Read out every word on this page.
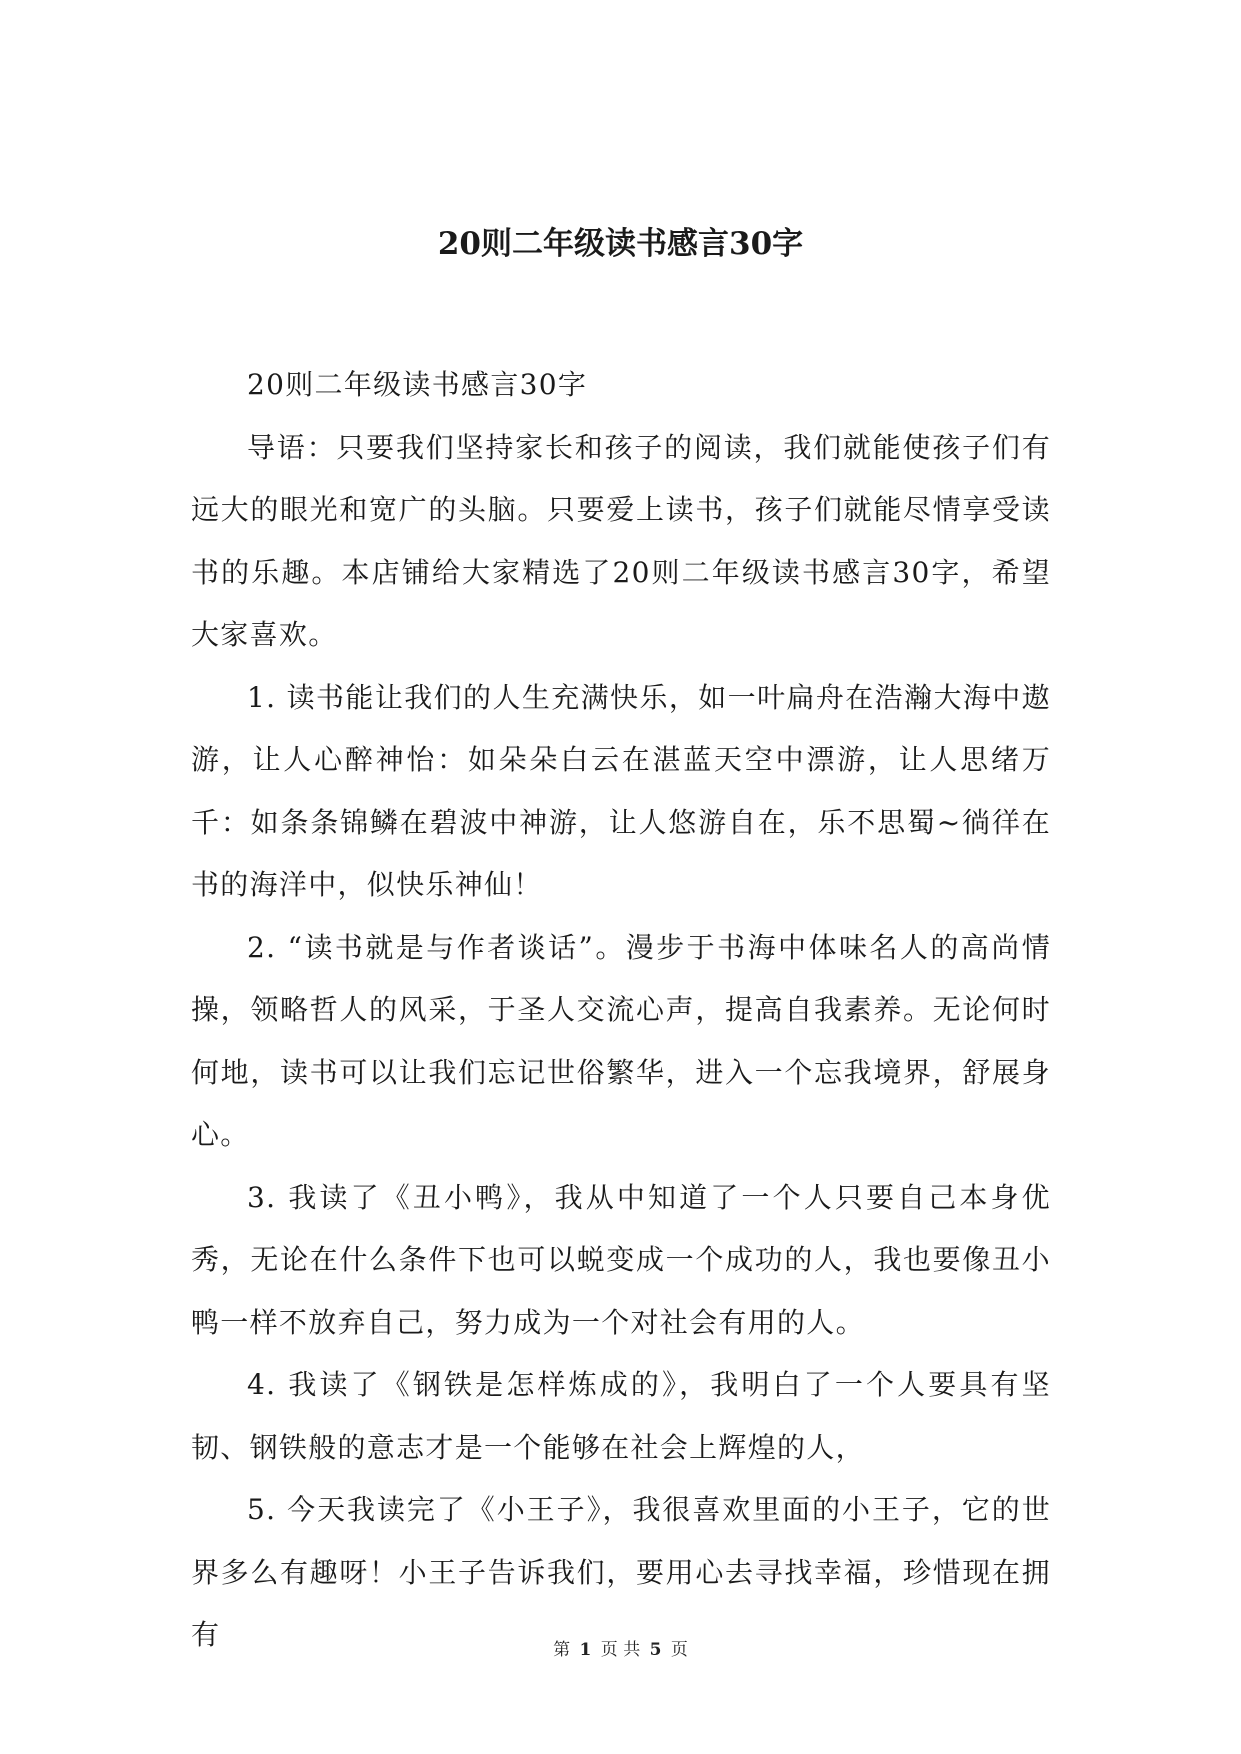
20则二年级读书感言30字

20则二年级读书感言30字

导语：只要我们坚持家长和孩子的阅读，我们就能使孩子们有远大的眼光和宽广的头脑。只要爱上读书，孩子们就能尽情享受读书的乐趣。本店铺给大家精选了20则二年级读书感言30字，希望大家喜欢。

1. 读书能让我们的人生充满快乐，如一叶扁舟在浩瀚大海中遨游，让人心醉神怡：如朵朵白云在湛蓝天空中漂游，让人思绪万千：如条条锦鳞在碧波中神游，让人悠游自在，乐不思蜀~徜徉在书的海洋中，似快乐神仙！

2. “读书就是与作者谈话”。漫步于书海中体味名人的高尚情操，领略哲人的风采，于圣人交流心声，提高自我素养。无论何时何地，读书可以让我们忘记世俗繁华，进入一个忘我境界，舒展身心。

3. 我读了《丑小鸭》，我从中知道了一个人只要自己本身优秀，无论在什么条件下也可以蜕变成一个成功的人，我也要像丑小鸭一样不放弃自己，努力成为一个对社会有用的人。

4. 我读了《钢铁是怎样炼成的》，我明白了一个人要具有坚韧、钢铁般的意志才是一个能够在社会上辉煌的人，

5. 今天我读完了《小王子》，我很喜欢里面的小王子，它的世界多么有趣呀！小王子告诉我们，要用心去寻找幸福，珍惜现在拥有	第 1 页 共 5 页
